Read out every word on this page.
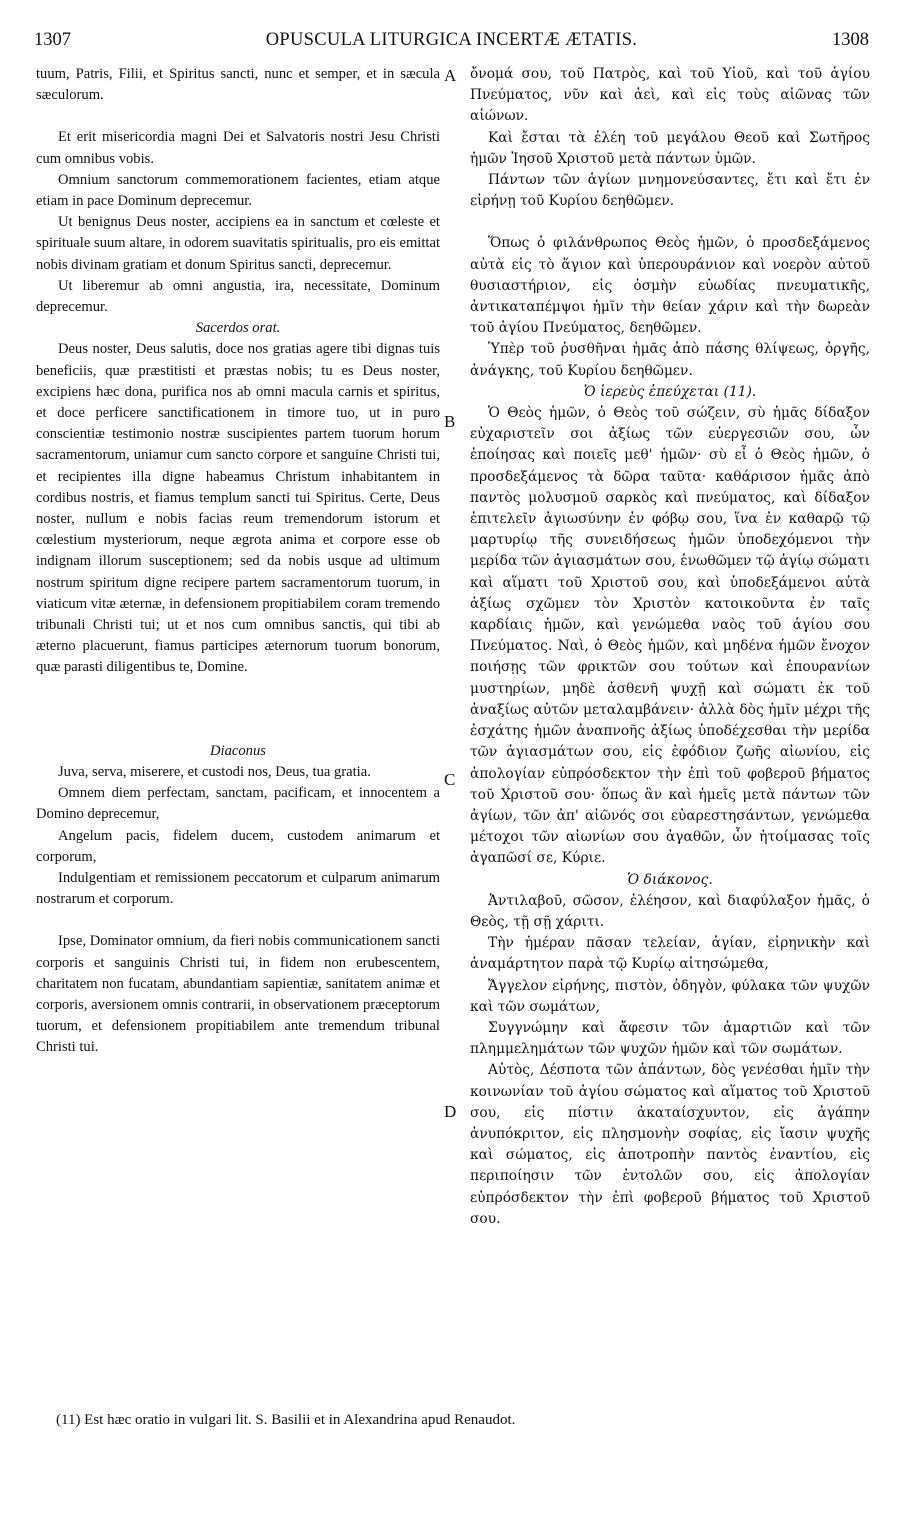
1307	OPUSCULA LITURGICA INCERTÆ ÆTATIS.	1308

tuum, Patris, Filii, et Spiritus sancti, nunc et semper, et in sæcula sæculorum.

Et erit misericordia magni Dei et Salvatoris nostri Jesu Christi cum omnibus vobis.

Omnium sanctorum commemorationem facientes, etiam atque etiam in pace Dominum deprecemur.

Ut benignus Deus noster, accipiens ea in sanctum et cœleste et spirituale suum altare, in odorem suavitatis spiritualis, pro eis emittat nobis divinam gratiam et donum Spiritus sancti, deprecemur.

Ut liberemur ab omni angustia, ira, necessitate, Dominum deprecemur.

Sacerdos orat.

Deus noster, Deus salutis, doce nos gratias agere tibi dignas tuis beneficiis, quæ præstitisti et præstas nobis; tu es Deus noster, excipiens hæc dona, purifica nos ab omni macula carnis et spiritus, et doce perficere sanctificationem in timore tuo, ut in puro conscientiæ testimonio nostræ suscipientes partem tuorum horum sacramentorum, uniamur cum sancto corpore et sanguine Christi tui, et recipientes illa digne habeamus Christum inhabitantem in cordibus nostris, et fiamus templum sancti tui Spiritus. Certe, Deus noster, nullum e nobis facias reum tremendorum istorum et cœlestium mysteriorum, neque ægrota anima et corpore esse ob indignam illorum susceptionem; sed da nobis usque ad ultimum nostrum spiritum digne recipere partem sacramentorum tuorum, in viaticum vitæ æternæ, in defensionem propitiabilem coram tremendo tribunali Christi tui; ut et nos cum omnibus sanctis, qui tibi ab æterno placuerunt, fiamus participes æternorum tuorum bonorum, quæ parasti diligentibus te, Domine.

Diaconus

Juva, serva, miserere, et custodi nos, Deus, tua gratia.

Omnem diem perfectam, sanctam, pacificam, et innocentem a Domino deprecemur,

Angelum pacis, fidelem ducem, custodem animarum et corporum,

Indulgentiam et remissionem peccatorum et culparum animarum nostrarum et corporum.

Ipse, Dominator omnium, da fieri nobis communicationem sancti corporis et sanguinis Christi tui, in fidem non erubescentem, charitatem non fucatam, abundantiam sapientiæ, sanitatem animæ et corporis, aversionem omnis contrarii, in observationem præceptorum tuorum, et defensionem propitiabilem ante tremendum tribunal Christi tui.

A
B
C
D

ὄνομά σου, τοῦ Πατρὸς, καὶ τοῦ Υἱοῦ, καὶ τοῦ ἁγίου Πνεύματος, νῦν καὶ ἀεὶ, καὶ εἰς τοὺς αἰῶνας τῶν αἰώνων.

Καὶ ἔσται τὰ ἐλέη τοῦ μεγάλου Θεοῦ καὶ Σωτῆρος ἡμῶν Ἰησοῦ Χριστοῦ μετὰ πάντων ὑμῶν.

Πάντων τῶν ἁγίων μνημονεύσαντες, ἔτι καὶ ἔτι ἐν εἰρήνῃ τοῦ Κυρίου δεηθῶμεν.

Ὅπως ὁ φιλάνθρωπος Θεὸς ἡμῶν, ὁ προσδεξάμενος αὐτὰ εἰς τὸ ἅγιον καὶ ὑπερουράνιον καὶ νοερὸν αὐτοῦ θυσιαστήριον, εἰς ὀσμὴν εὐωδίας πνευματικῆς, ἀντικαταπέμψοι ἡμῖν τὴν θείαν χάριν καὶ τὴν δωρεὰν τοῦ ἁγίου Πνεύματος, δεηθῶμεν.

Ὑπὲρ τοῦ ῥυσθῆναι ἡμᾶς ἀπὸ πάσης θλίψεως, ὀργῆς, ἀνάγκης, τοῦ Κυρίου δεηθῶμεν.

Ὁ ἱερεὺς ἐπεύχεται (11).

Ὁ Θεὸς ἡμῶν, ὁ Θεὸς τοῦ σώζειν, σὺ ἡμᾶς δίδαξον εὐχαριστεῖν σοι ἀξίως τῶν εὐεργεσιῶν σου, ὧν ἐποίησας καὶ ποιεῖς μεθ' ἡμῶν· σὺ εἶ ὁ Θεὸς ἡμῶν, ὁ προσδεξάμενος τὰ δῶρα ταῦτα· καθάρισον ἡμᾶς ἀπὸ παντὸς μολυσμοῦ σαρκὸς καὶ πνεύματος, καὶ δίδαξον ἐπιτελεῖν ἁγιωσύνην ἐν φόβῳ σου, ἵνα ἐν καθαρῷ τῷ μαρτυρίῳ τῆς συνειδήσεως ἡμῶν ὑποδεχόμενοι τὴν μερίδα τῶν ἁγιασμάτων σου, ἑνωθῶμεν τῷ ἁγίῳ σώματι καὶ αἵματι τοῦ Χριστοῦ σου, καὶ ὑποδεξάμενοι αὐτὰ ἀξίως σχῶμεν τὸν Χριστὸν κατοικοῦντα ἐν ταῖς καρδίαις ἡμῶν, καὶ γενώμεθα ναὸς τοῦ ἁγίου σου Πνεύματος. Ναὶ, ὁ Θεὸς ἡμῶν, καὶ μηδένα ἡμῶν ἔνοχον ποιήσῃς τῶν φρικτῶν σου τούτων καὶ ἐπουρανίων μυστηρίων, μηδὲ ἀσθενῆ ψυχῇ καὶ σώματι ἐκ τοῦ ἀναξίως αὐτῶν μεταλαμβάνειν· ἀλλὰ δὸς ἡμῖν μέχρι τῆς ἐσχάτης ἡμῶν ἀναπνοῆς ἀξίως ὑποδέχεσθαι τὴν μερίδα τῶν ἁγιασμάτων σου, εἰς ἐφόδιον ζωῆς αἰωνίου, εἰς ἀπολογίαν εὐπρόσδεκτον τὴν ἐπὶ τοῦ φοβεροῦ βήματος τοῦ Χριστοῦ σου· ὅπως ἂν καὶ ἡμεῖς μετὰ πάντων τῶν ἁγίων, τῶν ἀπ' αἰῶνός σοι εὐαρεστησάντων, γενώμεθα μέτοχοι τῶν αἰωνίων σου ἀγαθῶν, ὧν ἡτοίμασας τοῖς ἀγαπῶσί σε, Κύριε.

Ὁ διάκονος.

Ἀντιλαβοῦ, σῶσον, ἐλέησον, καὶ διαφύλαξον ἡμᾶς, ὁ Θεὸς, τῇ σῇ χάριτι.

Τὴν ἡμέραν πᾶσαν τελείαν, ἁγίαν, εἰρηνικὴν καὶ ἀναμάρτητον παρὰ τῷ Κυρίῳ αἰτησώμεθα,

Ἄγγελον εἰρήνης, πιστὸν, ὁδηγὸν, φύλακα τῶν ψυχῶν καὶ τῶν σωμάτων,

Συγγνώμην καὶ ἄφεσιν τῶν ἁμαρτιῶν καὶ τῶν πλημμελημάτων τῶν ψυχῶν ἡμῶν καὶ τῶν σωμάτων.

Αὐτὸς, Δέσποτα τῶν ἁπάντων, δὸς γενέσθαι ἡμῖν τὴν κοινωνίαν τοῦ ἁγίου σώματος καὶ αἵματος τοῦ Χριστοῦ σου, εἰς πίστιν ἀκαταίσχυντον, εἰς ἀγάπην ἀνυπόκριτον, εἰς πλησμονὴν σοφίας, εἰς ἴασιν ψυχῆς καὶ σώματος, εἰς ἀποτροπὴν παντὸς ἐναντίου, εἰς περιποίησιν τῶν ἐντολῶν σου, εἰς ἀπολογίαν εὐπρόσδεκτον τὴν ἐπὶ φοβεροῦ βήματος τοῦ Χριστοῦ σου.

(11) Est hæc oratio in vulgari lit. S. Basilii et in Alexandrina apud Renaudot.
